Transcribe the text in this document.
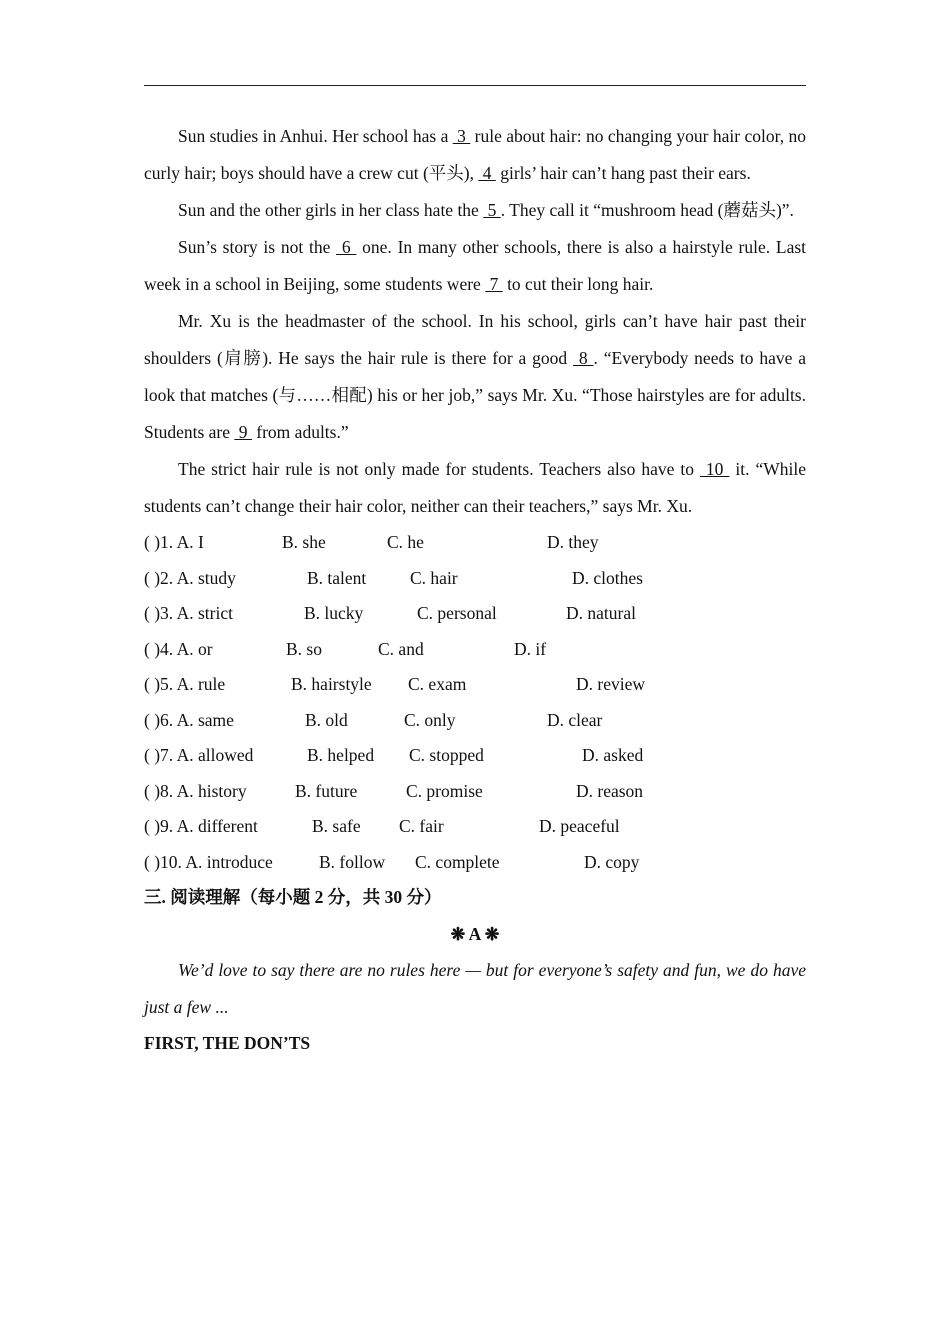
Sun studies in Anhui. Her school has a  3  rule about hair: no changing your hair color, no curly hair; boys should have a crew cut (平头),  4  girls’ hair can’t hang past their ears.

Sun and the other girls in her class hate the  5 . They call it “mushroom head (蘑菇头)”.

Sun’s story is not the  6  one. In many other schools, there is also a hairstyle rule. Last week in a school in Beijing, some students were  7  to cut their long hair.

Mr. Xu is the headmaster of the school. In his school, girls can’t have hair past their shoulders (肩膀). He says the hair rule is there for a good  8 . “Everybody needs to have a look that matches (与……相配) his or her job,” says Mr. Xu. “Those hairstyles are for adults. Students are  9  from adults.”

The strict hair rule is not only made for students. Teachers also have to  10  it. “While students can’t change their hair color, neither can their teachers,” says Mr. Xu.

( )1. A. I	B. she	C. he	D. they
( )2. A. study	B. talent C. hair	D. clothes
( )3. A. strict	B. lucky	C. personal	D. natural
( )4. A. or	B. so	C. and	D. if
( )5. A. rule	B. hairstyle C. exam	D. review
( )6. A. same	B. old	C. only	D. clear
( )7. A. allowed	B. helped C. stopped	D. asked
( )8. A. history	B. future	C. promise	D. reason
( )9. A. different	B. safe C. fair	D. peaceful
( )10. A. introduce	B. follow C. complete	D. copy
三. 阅读理解（每小题 2 分，共 30 分）
❋ A ❋

We’d love to say there are no rules here — but for everyone’s safety and fun, we do have just a few ...

FIRST, THE DON’TS
